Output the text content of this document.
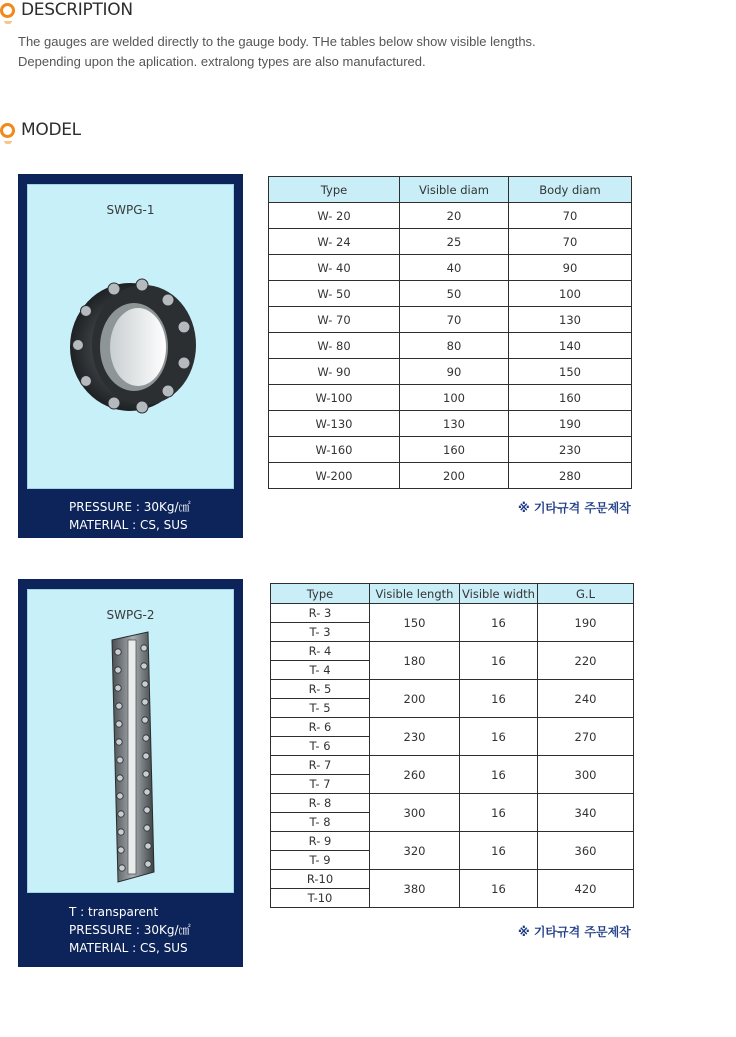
DESCRIPTION
The gauges are welded directly to the gauge body. THe tables below show visible lengths.
Depending upon the aplication. extralong types are also manufactured.
MODEL
SWPG-1
PRESSURE : 30Kg/㎠
MATERIAL : CS, SUS
Type	Visible diam	Body diam
W- 20	20	70
W- 24	25	70
W- 40	40	90
W- 50	50	100
W- 70	70	130
W- 80	80	140
W- 90	90	150
W-100	100	160
W-130	130	190
W-160	160	230
W-200	200	280
※ 기타규격 주문제작
SWPG-2
T : transparent
PRESSURE : 30Kg/㎠
MATERIAL : CS, SUS
Type	Visible length	Visible width	G.L
R- 3	150	16	190
T- 3			
R- 4	180	16	220
T- 4			
R- 5	200	16	240
T- 5			
R- 6	230	16	270
T- 6			
R- 7	260	16	300
T- 7			
R- 8	300	16	340
T- 8			
R- 9	320	16	360
T- 9			
R-10	380	16	420
T-10			
※ 기타규격 주문제작
